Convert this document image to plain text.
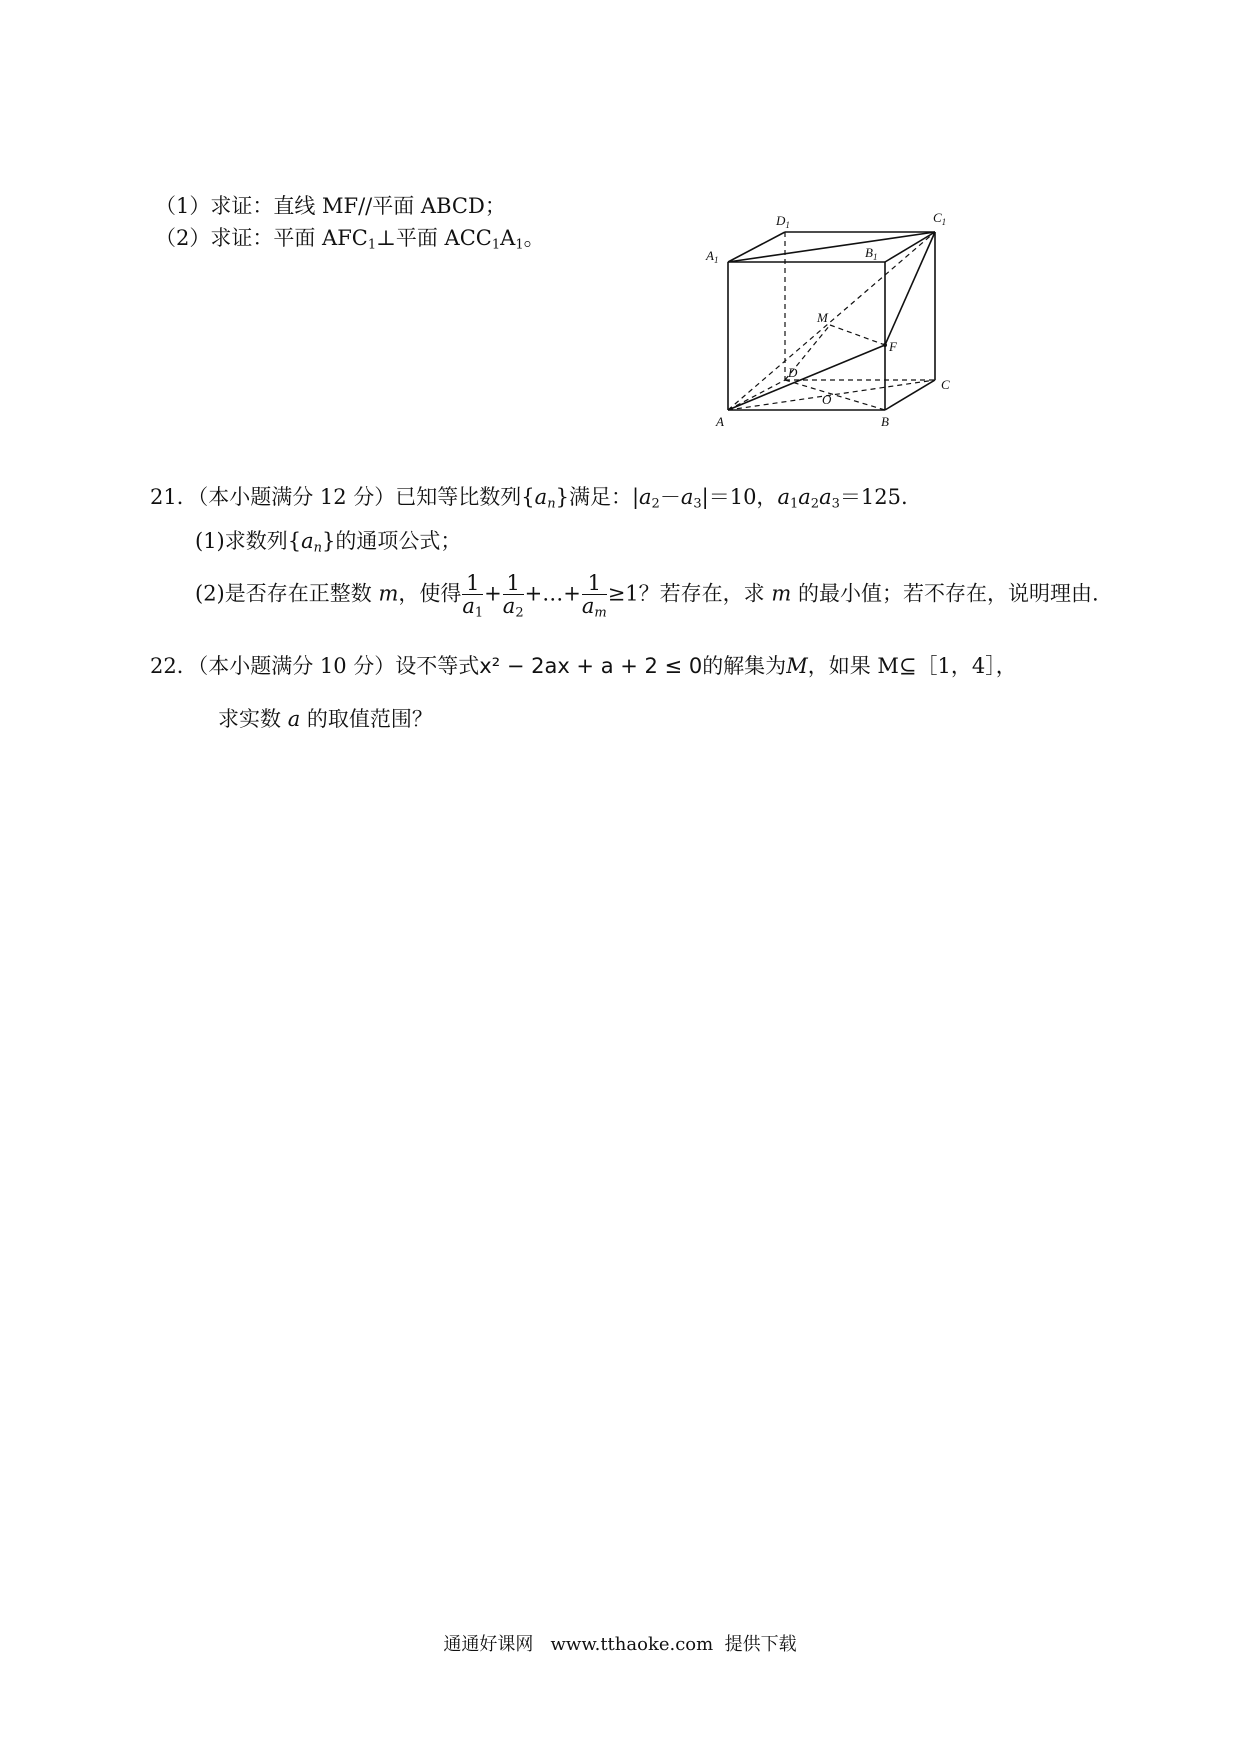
（1）求证：直线 MF//平面 ABCD；
（2）求证：平面 $AFC_1\perp$平面 $ACC_1A_1$。
$A_1$
$D_1$
$B_1$
$C_1$
M
F
D
C
O
A	B
21．（本小题满分 12 分）已知等比数列$\{a_n\}$满足：$|a_2-a_3|=10$，$a_1a_2a_3=125$.
(1)求数列$\{a_n\}$的通项公式；
(2)是否存在正整数 m，使得 $\frac{1}{a_1} + \frac{1}{a_2}$ +…+ $\frac{1}{a_m} \ge 1$？若存在，求 m 的最小值；若不存在，说明理由.
22．（本小题满分 10 分）设不等式x² − 2ax + a + 2 ≤ 0的解集为M，如果 M⊆［1，4］，
求实数 a 的取值范围？
通通好课网   www.tthaoke.com  提供下载
